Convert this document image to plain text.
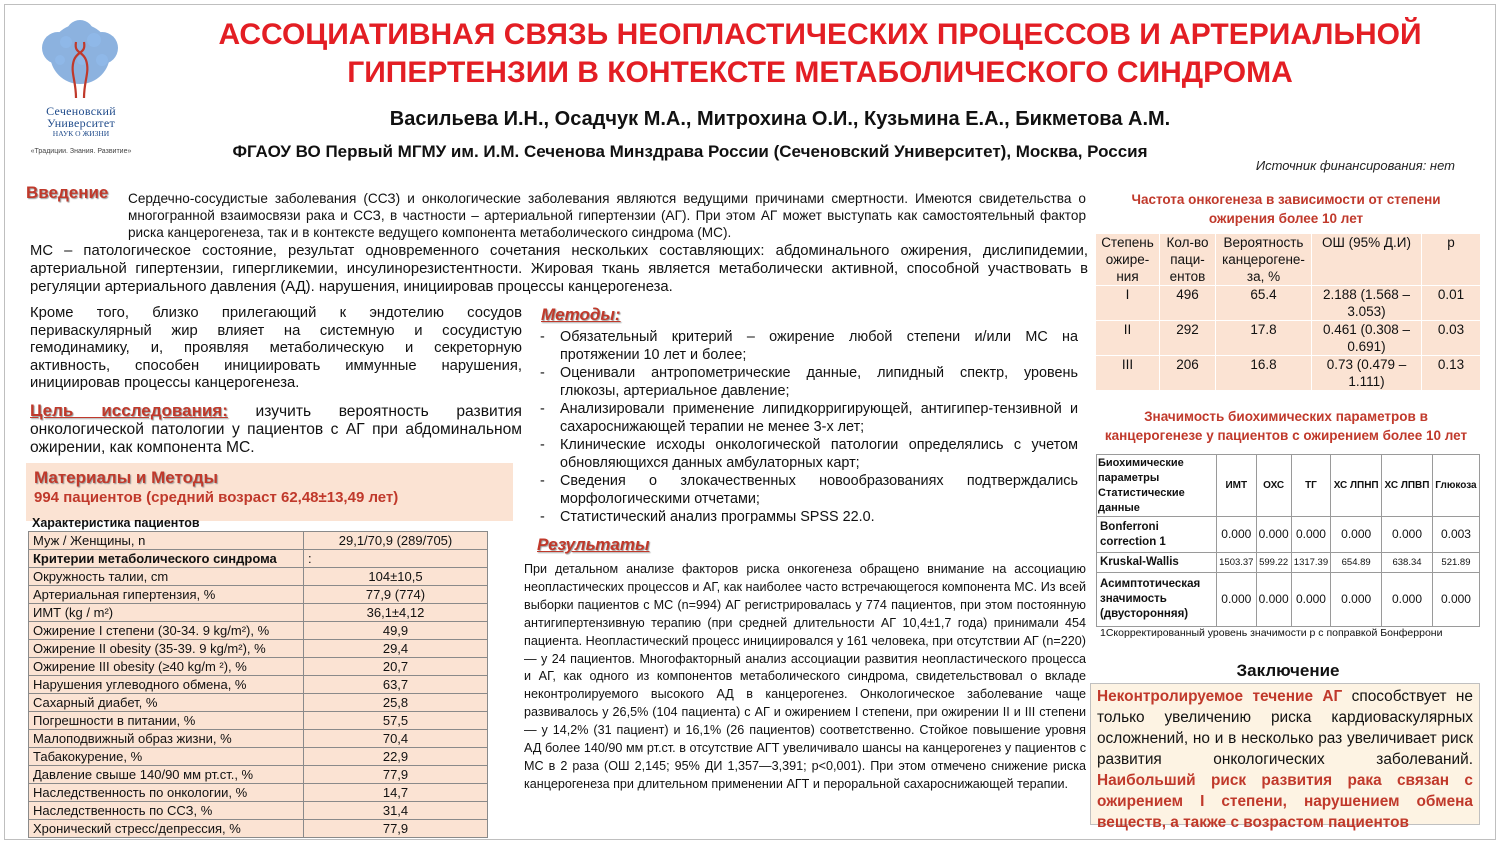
Сеченовский
Университет
НАУК О ЖИЗНИ
«Традиции. Знания. Развитие»
АССОЦИАТИВНАЯ СВЯЗЬ НЕОПЛАСТИЧЕСКИХ ПРОЦЕССОВ И АРТЕРИАЛЬНОЙ
ГИПЕРТЕНЗИИ В КОНТЕКСТЕ МЕТАБОЛИЧЕСКОГО СИНДРОМА
Васильева И.Н., Осадчук М.А., Митрохина О.И., Кузьмина Е.А., Бикметова А.М.
ФГАОУ ВО Первый МГМУ им. И.М. Сеченова Минздрава России (Сеченовский Университет), Москва, Россия
Источник финансирования: нет
Введение Сердечно-сосудистые заболевания (ССЗ) и онкологические заболевания являются ведущими причинами смертности. Имеются свидетельства о многогранной взаимосвязи рака и ССЗ, в частности – артериальной гипертензии (АГ). При этом АГ может выступать как самостоятельный фактор риска канцерогенеза, так и в контексте ведущего компонента метаболического синдрома (МС).
МС – патологическое состояние, результат одновременного сочетания нескольких составляющих: абдоминального ожирения, дислипидемии, артериальной гипертензии, гипергликемии, инсулинорезистентности. Жировая ткань является метаболически активной, способной участвовать в регуляции артериального давления (АД). нарушения, инициировав процессы канцерогенеза.
Кроме того, близко прилегающий к эндотелию сосудов периваскулярный жир влияет на системную и сосудистую гемодинамику, и, проявляя метаболическую и секреторную активность, способен инициировать иммунные нарушения, инициировав процессы канцерогенеза.
Цель исследования: изучить вероятность развития онкологической патологии у пациентов с АГ при абдоминальном ожирении, как компонента МС.
Методы:
- Обязательный критерий – ожирение любой степени и/или МС на протяжении 10 лет и более;
- Оценивали антропометрические данные, липидный спектр, уровень глюкозы, артериальное давление;
- Анализировали применение липидкорригирующей, антигипер-тензивной и сахароснижающей терапии не менее 3-х лет;
- Клинические исходы онкологической патологии определялись с учетом обновляющихся данных амбулаторных карт;
- Сведения о злокачественных новообразованиях подтверждались морфологическими отчетами;
- Статистический анализ программы SPSS 22.0.
Результаты
При детальном анализе факторов риска онкогенеза обращено внимание на ассоциацию неопластических процессов и АГ, как наиболее часто встречающегося компонента МС. Из всей выборки пациентов с МС (n=994) АГ регистрировалась у 774 пациентов, при этом постоянную антигипертензивную терапию (при средней длительности АГ 10,4±1,7 года) принимали 454 пациента. Неопластический процесс инициировался у 161 человека, при отсутствии АГ (n=220) — у 24 пациентов. Многофакторный анализ ассоциации развития неопластического процесса и АГ, как одного из компонентов метаболического синдрома, свидетельствовал о вкладе неконтролируемого высокого АД в канцерогенез. Онкологическое заболевание чаще развивалось у 26,5% (104 пациента) с АГ и ожирением I степени, при ожирении II и III степени — у 14,2% (31 пациент) и 16,1% (26 пациентов) соответственно. Стойкое повышение уровня АД более 140/90 мм рт.ст. в отсутствие АГТ увеличивало шансы на канцерогенез у пациентов с МС в 2 раза (ОШ 2,145; 95% ДИ 1,357—3,391; р<0,001). При этом отмечено снижение риска канцерогенеза при длительном применении АГТ и пероральной сахароснижающей терапии.
Материалы и Методы
994 пациентов (средний возраст 62,48±13,49 лет)
Характеристика пациентов
Муж / Женщины, n	29,1/70,9 (289/705)
Критерии метаболического синдрома	:
Окружность талии, cm	104±10,5
Артериальная гипертензия, %	77,9 (774)
ИМТ (kg / m²)	36,1±4,12
Ожирение I степени (30-34. 9 kg/m²), %	49,9
Ожирение II obesity (35-39. 9 kg/m²), %	29,4
Ожирение III obesity (≥40 kg/m ²), %	20,7
Нарушения углеводного обмена, %	63,7
Сахарный диабет, %	25,8
Погрешности в питании, %	57,5
Малоподвижный образ жизни, %	70,4
Табакокурение, %	22,9
Давление свыше 140/90 мм рт.ст., %	77,9
Наследственность по онкологии, %	14,7
Наследственность по ССЗ, %	31,4
Хронический стресс/депрессия, %	77,9
Частота онкогенеза в зависимости от степени
ожирения более 10 лет
Степень ожире-ния	Кол-во паци-ентов	Вероятность канцерогене-за, %	ОШ (95% Д.И)	p
I	496	65.4	2.188 (1.568 – 3.053)	0.01
II	292	17.8	0.461 (0.308 – 0.691)	0.03
III	206	16.8	0.73 (0.479 – 1.111)	0.13
Значимость биохимических параметров в
канцерогенезе у пациентов с ожирением более 10 лет
Биохимические параметры Статистические данные	ИМТ	ОХС	ТГ	ХС ЛПНП	ХС ЛПВП	Глюкоза
Bonferroni correction 1	0.000	0.000	0.000	0.000	0.000	0.003
Kruskal-Wallis	1503.37	599.22	1317.39	654.89	638.34	521.89
Асимптотическая значимость (двусторонняя)	0.000	0.000	0.000	0.000	0.000	0.000
1Скорректированный уровень значимости p с поправкой Бонферрони
Заключение
Неконтролируемое течение АГ способствует не только увеличению риска кардиоваскулярных осложнений, но и в несколько раз увеличивает риск развития онкологических заболеваний. Наибольший риск развития рака связан с ожирением I степени, нарушением обмена веществ, а также с возрастом пациентов
